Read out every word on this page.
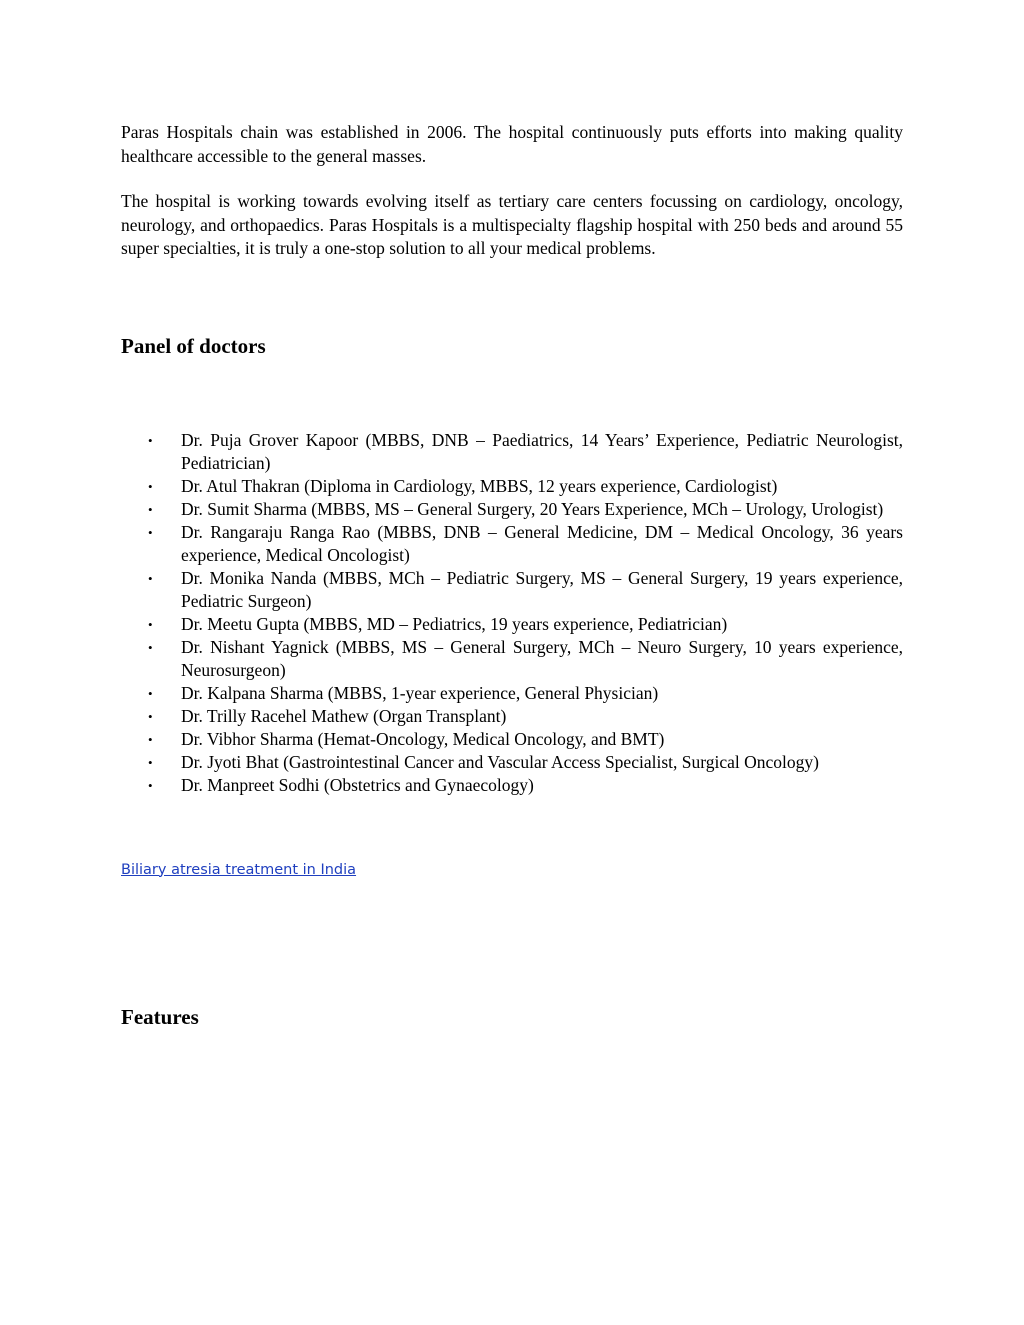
Paras Hospitals chain was established in 2006. The hospital continuously puts efforts into making quality healthcare accessible to the general masses.

The hospital is working towards evolving itself as tertiary care centers focussing on cardiology, oncology, neurology, and orthopaedics. Paras Hospitals is a multispecialty flagship hospital with 250 beds and around 55 super specialties, it is truly a one-stop solution to all your medical problems.

Panel of doctors
• Dr. Puja Grover Kapoor (MBBS, DNB – Paediatrics, 14 Years’ Experience, Pediatric Neurologist, Pediatrician)
• Dr. Atul Thakran (Diploma in Cardiology, MBBS, 12 years experience, Cardiologist)
• Dr. Sumit Sharma (MBBS, MS – General Surgery, 20 Years Experience, MCh – Urology, Urologist)
• Dr. Rangaraju Ranga Rao (MBBS, DNB – General Medicine, DM – Medical Oncology, 36 years experience, Medical Oncologist)
• Dr. Monika Nanda (MBBS, MCh – Pediatric Surgery, MS – General Surgery, 19 years experience, Pediatric Surgeon)
• Dr. Meetu Gupta (MBBS, MD – Pediatrics, 19 years experience, Pediatrician)
• Dr. Nishant Yagnick (MBBS, MS – General Surgery, MCh – Neuro Surgery, 10 years experience, Neurosurgeon)
• Dr. Kalpana Sharma (MBBS, 1-year experience, General Physician)
• Dr. Trilly Racehel Mathew (Organ Transplant)
• Dr. Vibhor Sharma (Hemat-Oncology, Medical Oncology, and BMT)
• Dr. Jyoti Bhat (Gastrointestinal Cancer and Vascular Access Specialist, Surgical Oncology)
• Dr. Manpreet Sodhi (Obstetrics and Gynaecology)
Biliary atresia treatment in India
Features
